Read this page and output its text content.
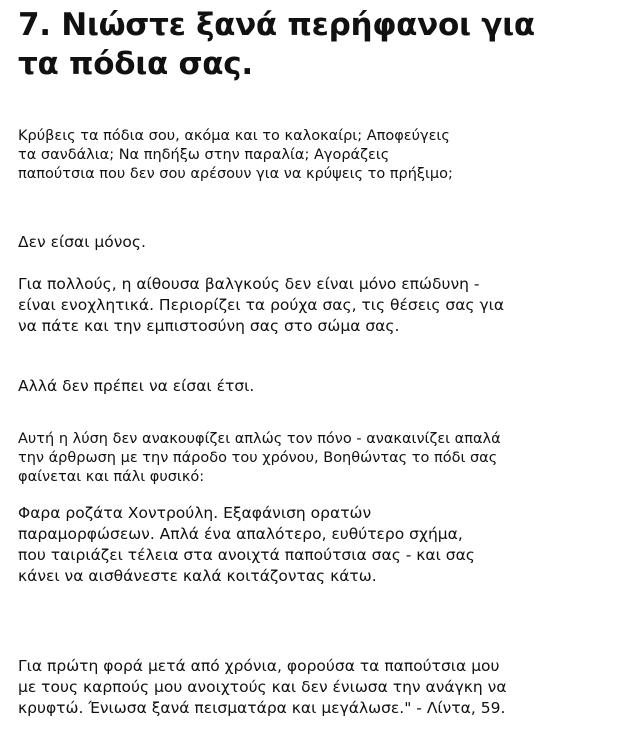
7. Νιώστε ξανά περήφανοι για
τα πόδια σας.
Κρύβεις τα πόδια σου, ακόμα και το καλοκαίρι; Αποφεύγεις
τα σανδάλια; Να πηδήξω στην παραλία; Αγοράζεις
παπούτσια που δεν σου αρέσουν για να κρύψεις το πρήξιμο;
Δεν είσαι μόνος.
Για πολλούς, η αίθουσα βαλγκούς δεν είναι μόνο επώδυνη -
είναι ενοχλητικά. Περιορίζει τα ρούχα σας, τις θέσεις σας για
να πάτε και την εμπιστοσύνη σας στο σώμα σας.
Αλλά δεν πρέπει να είσαι έτσι.
Αυτή η λύση δεν ανακουφίζει απλώς τον πόνο - ανακαινίζει απαλά
την άρθρωση με την πάροδο του χρόνου, Βοηθώντας το πόδι σας
φαίνεται και πάλι φυσικό:
Φαρα ροζάτα Χοντρούλη. Εξαφάνιση ορατών
παραμορφώσεων. Απλά ένα απαλότερο, ευθύτερο σχήμα,
που ταιριάζει τέλεια στα ανοιχτά παπούτσια σας - και σας
κάνει να αισθάνεστε καλά κοιτάζοντας κάτω.
Για πρώτη φορά μετά από χρόνια, φορούσα τα παπούτσια μου
με τους καρπούς μου ανοιχτούς και δεν ένιωσα την ανάγκη να
κρυφτώ. Ένιωσα ξανά πεισματάρα και μεγάλωσε." - Λίντα, 59.
